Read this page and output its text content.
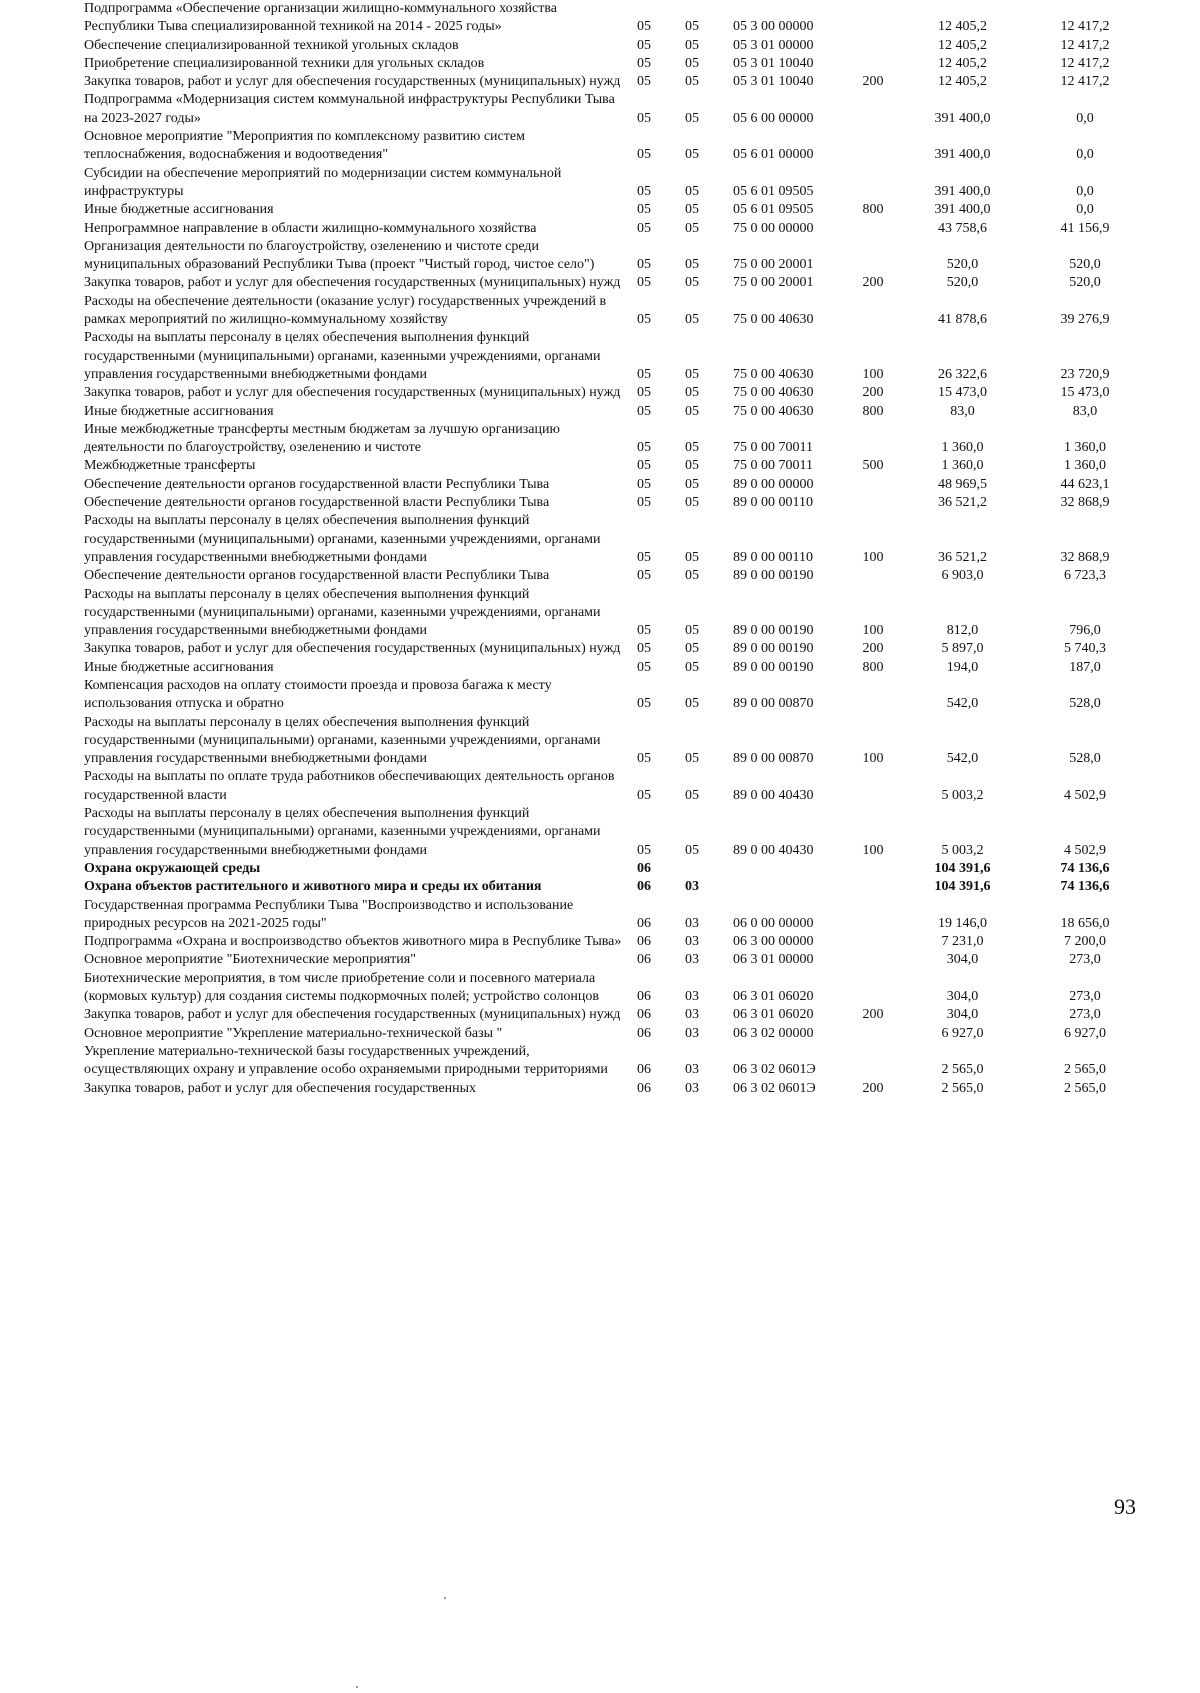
Подпрограмма «Обеспечение организации жилищно-коммунального хозяйства Республики Тыва специализированной техникой на 2014 - 2025 годы»	05	05	05 3 00 00000		12 405,2	12 417,2
Обеспечение специализированной техникой угольных складов	05	05	05 3 01 00000		12 405,2	12 417,2
Приобретение специализированной техники для угольных складов	05	05	05 3 01 10040		12 405,2	12 417,2
Закупка товаров, работ и услуг для обеспечения государственных (муниципальных) нужд	05	05	05 3 01 10040	200	12 405,2	12 417,2
Подпрограмма «Модернизация систем коммунальной инфраструктуры Республики Тыва на 2023-2027 годы»	05	05	05 6 00 00000		391 400,0	0,0
Основное мероприятие "Мероприятия по комплексному развитию систем теплоснабжения, водоснабжения и водоотведения"	05	05	05 6 01 00000		391 400,0	0,0
Субсидии на обеспечение мероприятий по модернизации систем коммунальной инфраструктуры	05	05	05 6 01 09505		391 400,0	0,0
Иные бюджетные ассигнования	05	05	05 6 01 09505	800	391 400,0	0,0
Непрограммное направление в области жилищно-коммунального хозяйства	05	05	75 0 00 00000		43 758,6	41 156,9
Организация деятельности по благоустройству, озеленению и чистоте среди муниципальных образований Республики Тыва (проект "Чистый город, чистое село")	05	05	75 0 00 20001		520,0	520,0
Закупка товаров, работ и услуг для обеспечения государственных (муниципальных) нужд	05	05	75 0 00 20001	200	520,0	520,0
Расходы на обеспечение деятельности (оказание услуг) государственных учреждений в рамках мероприятий по жилищно-коммунальному хозяйству	05	05	75 0 00 40630		41 878,6	39 276,9
Расходы на выплаты персоналу в целях обеспечения выполнения функций государственными (муниципальными) органами, казенными учреждениями, органами управления государственными внебюджетными фондами	05	05	75 0 00 40630	100	26 322,6	23 720,9
Закупка товаров, работ и услуг для обеспечения государственных (муниципальных) нужд	05	05	75 0 00 40630	200	15 473,0	15 473,0
Иные бюджетные ассигнования	05	05	75 0 00 40630	800	83,0	83,0
Иные межбюджетные трансферты местным бюджетам за лучшую организацию деятельности по благоустройству, озеленению и чистоте	05	05	75 0 00 70011		1 360,0	1 360,0
Межбюджетные трансферты	05	05	75 0 00 70011	500	1 360,0	1 360,0
Обеспечение деятельности органов государственной власти Республики Тыва	05	05	89 0 00 00000		48 969,5	44 623,1
Обеспечение деятельности органов государственной власти Республики Тыва	05	05	89 0 00 00110		36 521,2	32 868,9
Расходы на выплаты персоналу в целях обеспечения выполнения функций государственными (муниципальными) органами, казенными учреждениями, органами управления государственными внебюджетными фондами	05	05	89 0 00 00110	100	36 521,2	32 868,9
Обеспечение деятельности органов государственной власти Республики Тыва	05	05	89 0 00 00190		6 903,0	6 723,3
Расходы на выплаты персоналу в целях обеспечения выполнения функций государственными (муниципальными) органами, казенными учреждениями, органами управления государственными внебюджетными фондами	05	05	89 0 00 00190	100	812,0	796,0
Закупка товаров, работ и услуг для обеспечения государственных (муниципальных) нужд	05	05	89 0 00 00190	200	5 897,0	5 740,3
Иные бюджетные ассигнования	05	05	89 0 00 00190	800	194,0	187,0
Компенсация расходов на оплату стоимости проезда и провоза багажа к месту использования отпуска и обратно	05	05	89 0 00 00870		542,0	528,0
Расходы на выплаты персоналу в целях обеспечения выполнения функций государственными (муниципальными) органами, казенными учреждениями, органами управления государственными внебюджетными фондами	05	05	89 0 00 00870	100	542,0	528,0
Расходы на выплаты по оплате труда работников обеспечивающих деятельность органов государственной власти	05	05	89 0 00 40430		5 003,2	4 502,9
Расходы на выплаты персоналу в целях обеспечения выполнения функций государственными (муниципальными) органами, казенными учреждениями, органами управления государственными внебюджетными фондами	05	05	89 0 00 40430	100	5 003,2	4 502,9
Охрана окружающей среды	06				104 391,6	74 136,6
Охрана объектов растительного и животного мира и среды их обитания	06	03			104 391,6	74 136,6
Государственная программа Республики Тыва "Воспроизводство и использование природных ресурсов на 2021-2025 годы"	06	03	06 0 00 00000		19 146,0	18 656,0
Подпрограмма «Охрана и воспроизводство объектов животного мира в Республике Тыва»	06	03	06 3 00 00000		7 231,0	7 200,0
Основное мероприятие "Биотехнические мероприятия"	06	03	06 3 01 00000		304,0	273,0
Биотехнические мероприятия, в том числе приобретение соли и посевного материала (кормовых культур) для создания системы подкормочных полей; устройство солонцов	06	03	06 3 01 06020		304,0	273,0
Закупка товаров, работ и услуг для обеспечения государственных (муниципальных) нужд	06	03	06 3 01 06020	200	304,0	273,0
Основное мероприятие "Укрепление материально-технической базы "	06	03	06 3 02 00000		6 927,0	6 927,0
Укрепление материально-технической базы государственных учреждений, осуществляющих охрану и управление особо охраняемыми природными территориями	06	03	06 3 02 0601Э		2 565,0	2 565,0
Закупка товаров, работ и услуг для обеспечения государственных	06	03	06 3 02 0601Э	200	2 565,0	2 565,0
93
